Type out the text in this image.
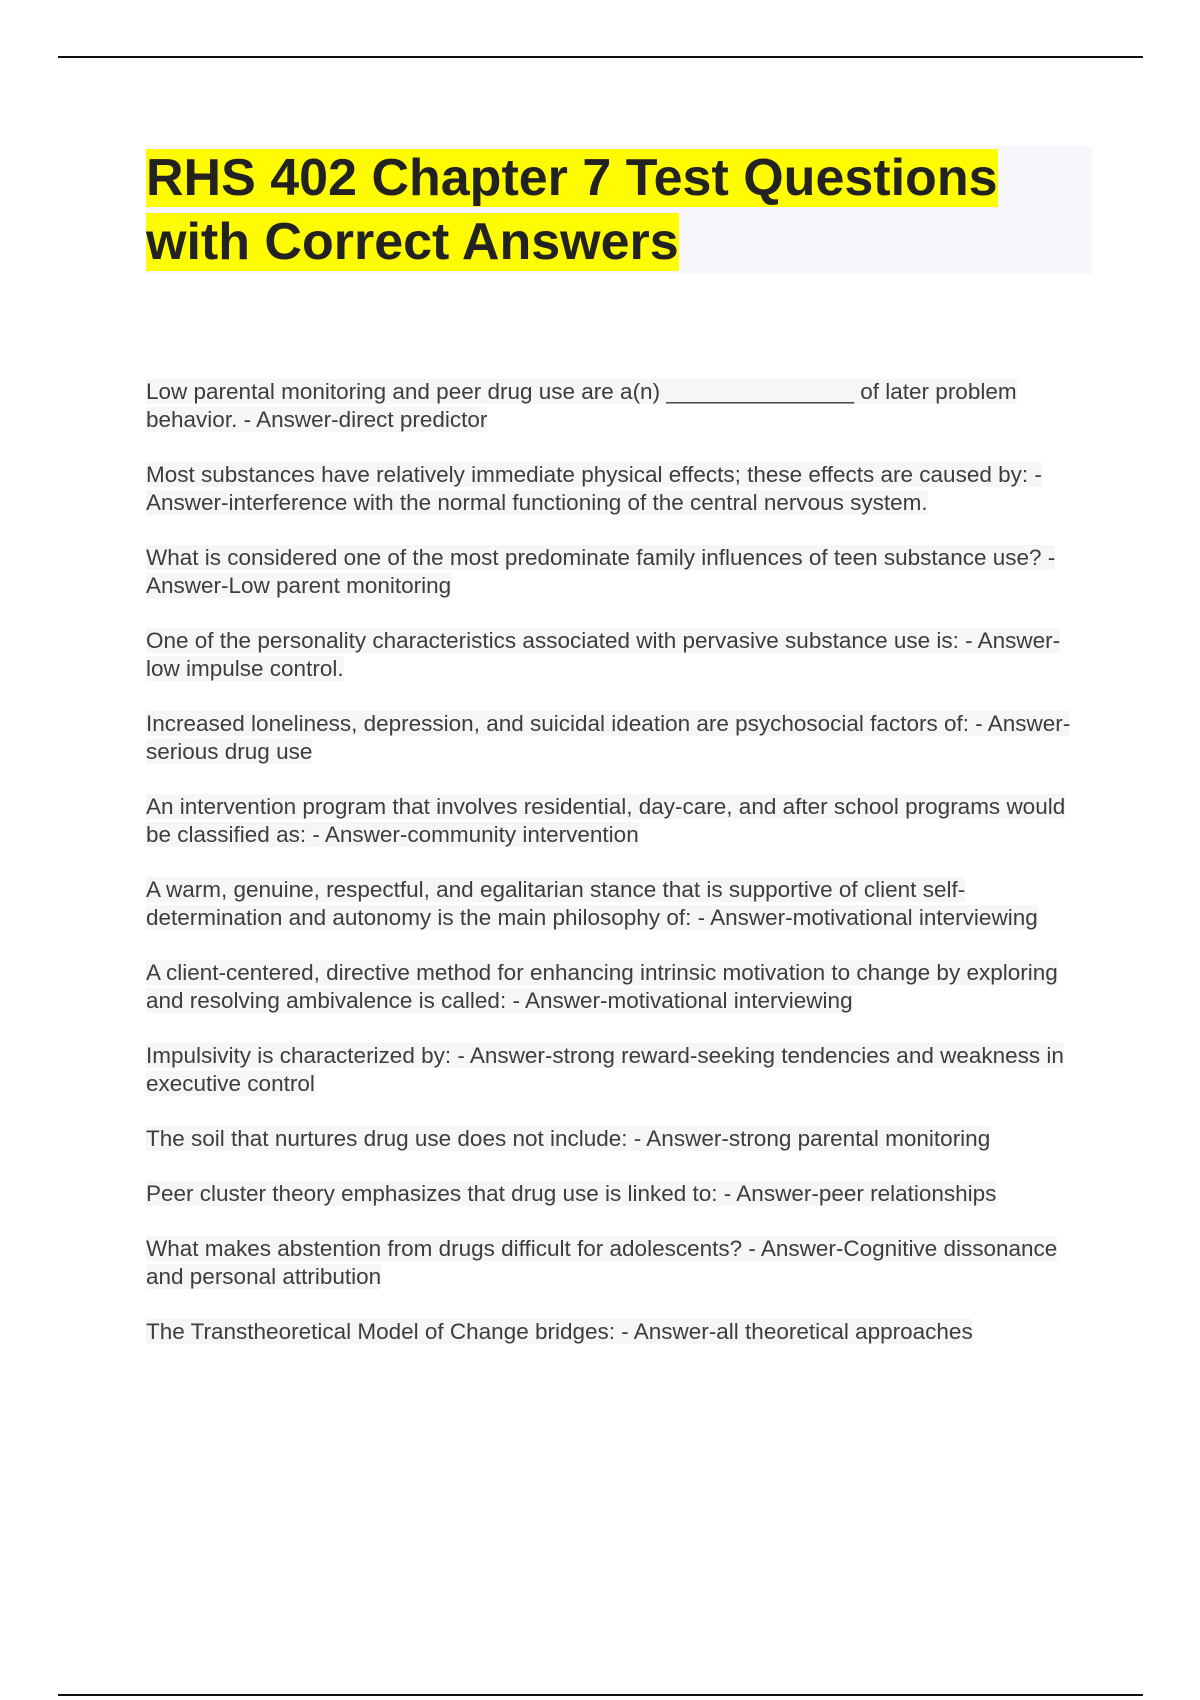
RHS 402 Chapter 7 Test Questions
with Correct Answers

Low parental monitoring and peer drug use are a(n) _______________ of later problem behavior. - Answer-direct predictor

Most substances have relatively immediate physical effects; these effects are caused by: - Answer-interference with the normal functioning of the central nervous system.

What is considered one of the most predominate family influences of teen substance use? - Answer-Low parent monitoring

One of the personality characteristics associated with pervasive substance use is: - Answer-low impulse control.

Increased loneliness, depression, and suicidal ideation are psychosocial factors of: - Answer-serious drug use

An intervention program that involves residential, day-care, and after school programs would be classified as: - Answer-community intervention

A warm, genuine, respectful, and egalitarian stance that is supportive of client self-determination and autonomy is the main philosophy of: - Answer-motivational interviewing

A client-centered, directive method for enhancing intrinsic motivation to change by exploring and resolving ambivalence is called: - Answer-motivational interviewing

Impulsivity is characterized by: - Answer-strong reward-seeking tendencies and weakness in executive control

The soil that nurtures drug use does not include: - Answer-strong parental monitoring

Peer cluster theory emphasizes that drug use is linked to: - Answer-peer relationships

What makes abstention from drugs difficult for adolescents? - Answer-Cognitive dissonance and personal attribution

The Transtheoretical Model of Change bridges: - Answer-all theoretical approaches
